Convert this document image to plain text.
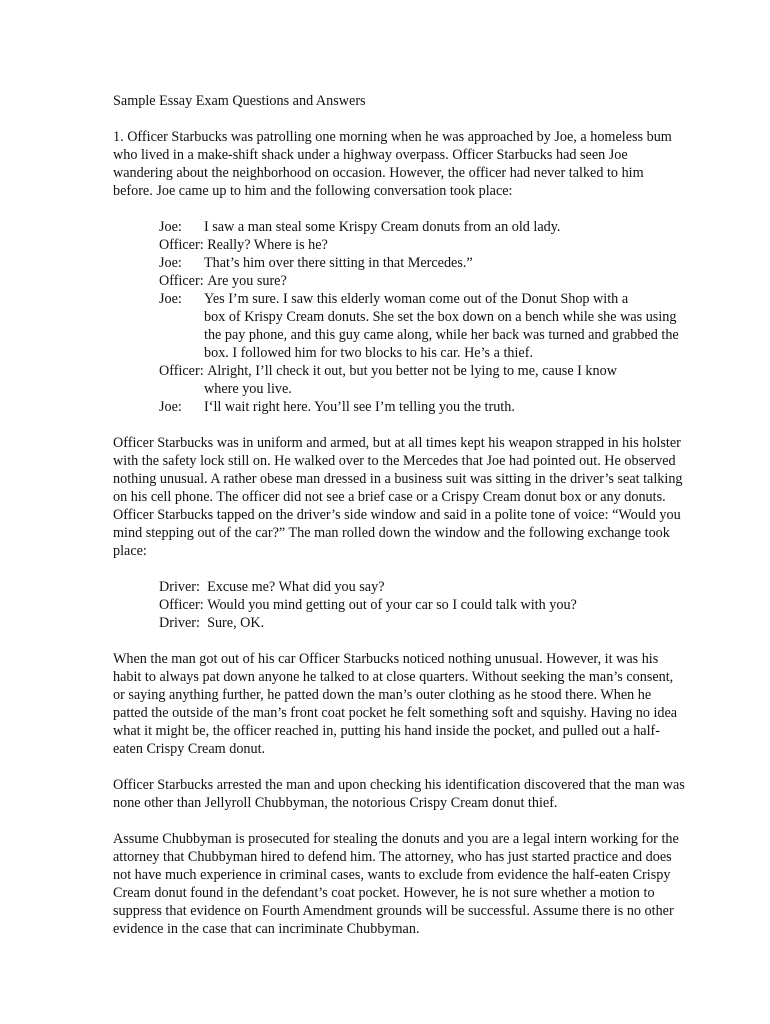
Sample Essay Exam Questions and Answers

1. Officer Starbucks was patrolling one morning when he was approached by Joe, a homeless bum who lived in a make-shift shack under a highway overpass. Officer Starbucks had seen Joe wandering about the neighborhood on occasion. However, the officer had never talked to him before. Joe came up to him and the following conversation took place:

Joe:	I saw a man steal some Krispy Cream donuts from an old lady.
Officer:
Really? Where is he?
Joe:	That’s him over there sitting in that Mercedes.”
Officer:
Are you sure?
Joe:	Yes I’m sure. I saw this elderly woman come out of the Donut Shop with a
box of Krispy Cream donuts. She set the box down on a bench while she was using the pay phone, and this guy came along, while her back was turned and grabbed the box. I followed him for two blocks to his car. He’s a thief.
Officer:
Alright, I’ll check it out, but you better not be lying to me, cause I know
where you live.
Joe:	I‘ll wait right here. You’ll see I’m telling you the truth.

Officer Starbucks was in uniform and armed, but at all times kept his weapon strapped in his holster with the safety lock still on. He walked over to the Mercedes that Joe had pointed out. He observed nothing unusual. A rather obese man dressed in a business suit was sitting in the driver’s seat talking on his cell phone. The officer did not see a brief case or a Crispy Cream donut box or any donuts. Officer Starbucks tapped on the driver’s side window and said in a polite tone of voice: “Would you mind stepping out of the car?” The man rolled down the window and the following exchange took place:

Driver:
Excuse me? What did you say?
Officer:
Would you mind getting out of your car so I could talk with you?
Driver:
Sure, OK.

When the man got out of his car Officer Starbucks noticed nothing unusual. However, it was his habit to always pat down anyone he talked to at close quarters. Without seeking the man’s consent, or saying anything further, he patted down the man’s outer clothing as he stood there. When he patted the outside of the man’s front coat pocket he felt something soft and squishy. Having no idea what it might be, the officer reached in, putting his hand inside the pocket, and pulled out a half-eaten Crispy Cream donut.

Officer Starbucks arrested the man and upon checking his identification discovered that the man was none other than Jellyroll Chubbyman, the notorious Crispy Cream donut thief.

Assume Chubbyman is prosecuted for stealing the donuts and you are a legal intern working for the attorney that Chubbyman hired to defend him. The attorney, who has just started practice and does not have much experience in criminal cases, wants to exclude from evidence the half-eaten Crispy Cream donut found in the defendant’s coat pocket. However, he is not sure whether a motion to suppress that evidence on Fourth Amendment grounds will be successful. Assume there is no other evidence in the case that can incriminate Chubbyman.
